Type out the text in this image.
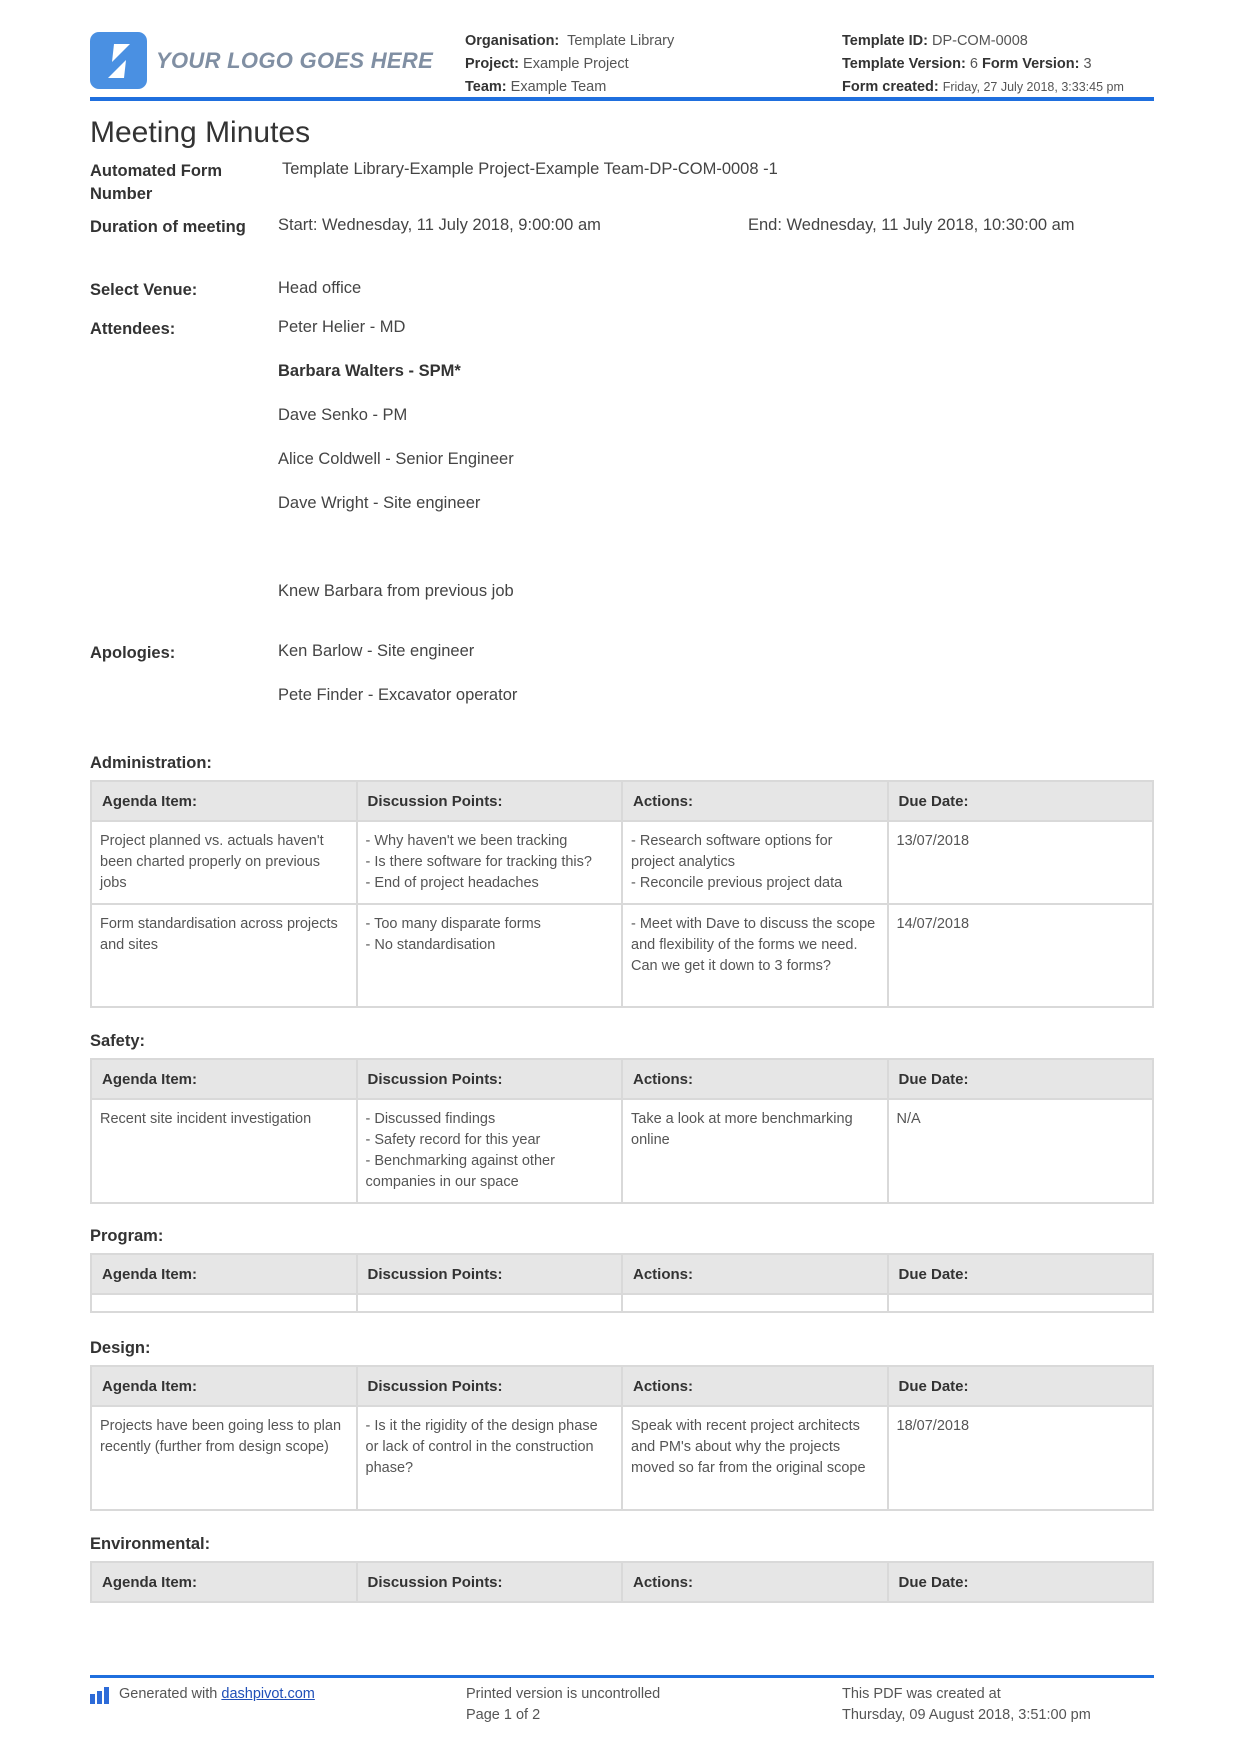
YOUR LOGO GOES HERE
Organisation: Template Library
Project: Example Project
Team: Example Team
Template ID: DP-COM-0008
Template Version: 6 Form Version: 3
Form created: Friday, 27 July 2018, 3:33:45 pm
Meeting Minutes
Automated Form Number
Template Library-Example Project-Example Team-DP-COM-0008 -1
Duration of meeting	Start: Wednesday, 11 July 2018, 9:00:00 am	End: Wednesday, 11 July 2018, 10:30:00 am
Select Venue:	Head office
Attendees:	Peter Helier - MD
Barbara Walters - SPM*
Dave Senko - PM
Alice Coldwell - Senior Engineer
Dave Wright - Site engineer
Knew Barbara from previous job
Apologies:	Ken Barlow - Site engineer
Pete Finder - Excavator operator
Administration:
Agenda Item:	Discussion Points:	Actions:	Due Date:
Project planned vs. actuals haven't been charted properly on previous jobs	- Why haven't we been tracking
- Is there software for tracking this?
- End of project headaches	- Research software options for project analytics
- Reconcile previous project data	13/07/2018
Form standardisation across projects and sites	- Too many disparate forms
- No standardisation	- Meet with Dave to discuss the scope and flexibility of the forms we need. Can we get it down to 3 forms?	14/07/2018
Safety:
Agenda Item:	Discussion Points:	Actions:	Due Date:
Recent site incident investigation	- Discussed findings
- Safety record for this year
- Benchmarking against other companies in our space	Take a look at more benchmarking online	N/A
Program:
Agenda Item:	Discussion Points:	Actions:	Due Date:

Design:
Agenda Item:	Discussion Points:	Actions:	Due Date:
Projects have been going less to plan recently (further from design scope)	- Is it the rigidity of the design phase or lack of control in the construction phase?	Speak with recent project architects and PM's about why the projects moved so far from the original scope	18/07/2018
Environmental:
Agenda Item:	Discussion Points:	Actions:	Due Date:
Generated with
dashpivot.com	Printed version is uncontrolled
Page 1 of 2
This PDF was created at
Thursday, 09 August 2018, 3:51:00 pm
